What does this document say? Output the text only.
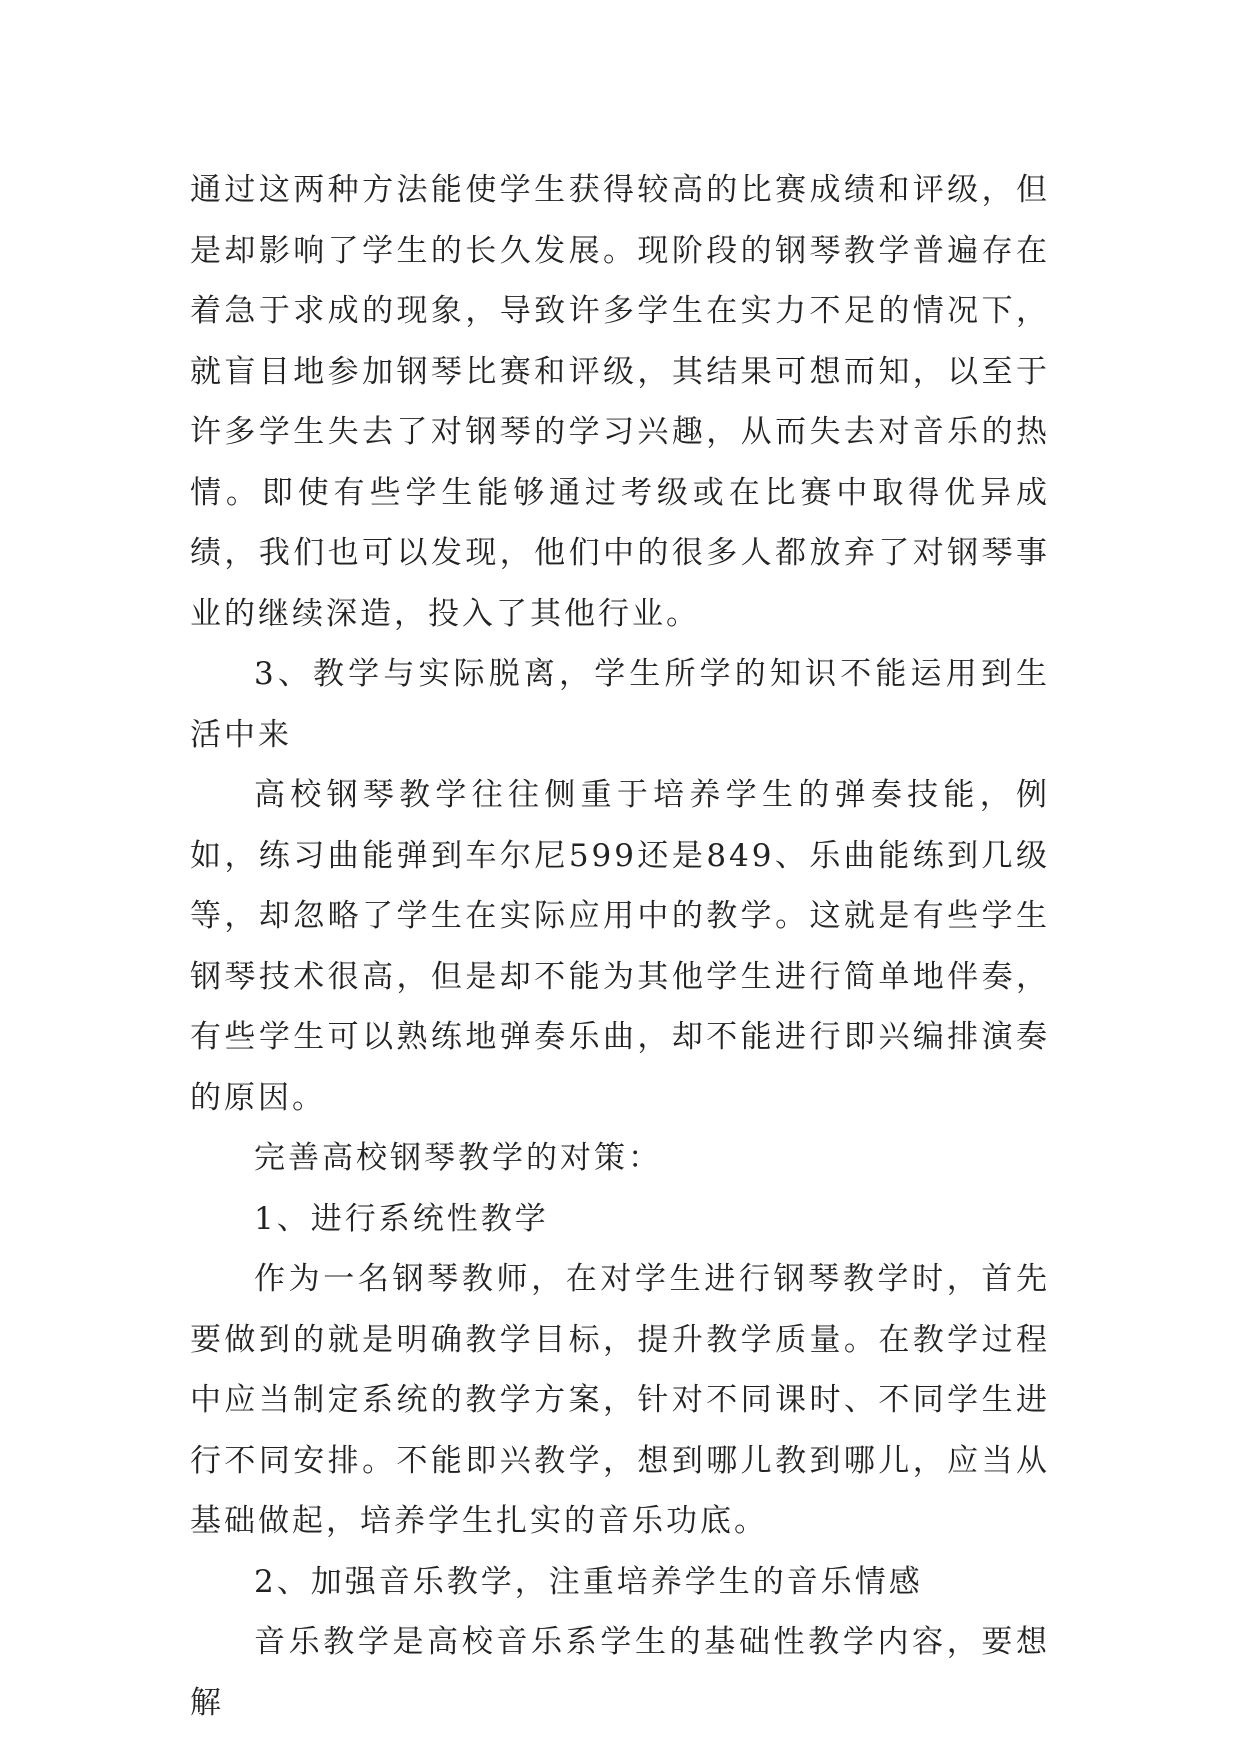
通过这两种方法能使学生获得较高的比赛成绩和评级，但是却影响了学生的长久发展。现阶段的钢琴教学普遍存在着急于求成的现象，导致许多学生在实力不足的情况下，就盲目地参加钢琴比赛和评级，其结果可想而知，以至于许多学生失去了对钢琴的学习兴趣，从而失去对音乐的热情。即使有些学生能够通过考级或在比赛中取得优异成绩，我们也可以发现，他们中的很多人都放弃了对钢琴事业的继续深造，投入了其他行业。

3、教学与实际脱离，学生所学的知识不能运用到生活中来

高校钢琴教学往往侧重于培养学生的弹奏技能，例如，练习曲能弹到车尔尼599还是849、乐曲能练到几级等，却忽略了学生在实际应用中的教学。这就是有些学生钢琴技术很高，但是却不能为其他学生进行简单地伴奏，有些学生可以熟练地弹奏乐曲，却不能进行即兴编排演奏的原因。

完善高校钢琴教学的对策：

1、进行系统性教学

作为一名钢琴教师，在对学生进行钢琴教学时，首先要做到的就是明确教学目标，提升教学质量。在教学过程中应当制定系统的教学方案，针对不同课时、不同学生进行不同安排。不能即兴教学，想到哪儿教到哪儿，应当从基础做起，培养学生扎实的音乐功底。

2、加强音乐教学，注重培养学生的音乐情感

音乐教学是高校音乐系学生的基础性教学内容，要想解
